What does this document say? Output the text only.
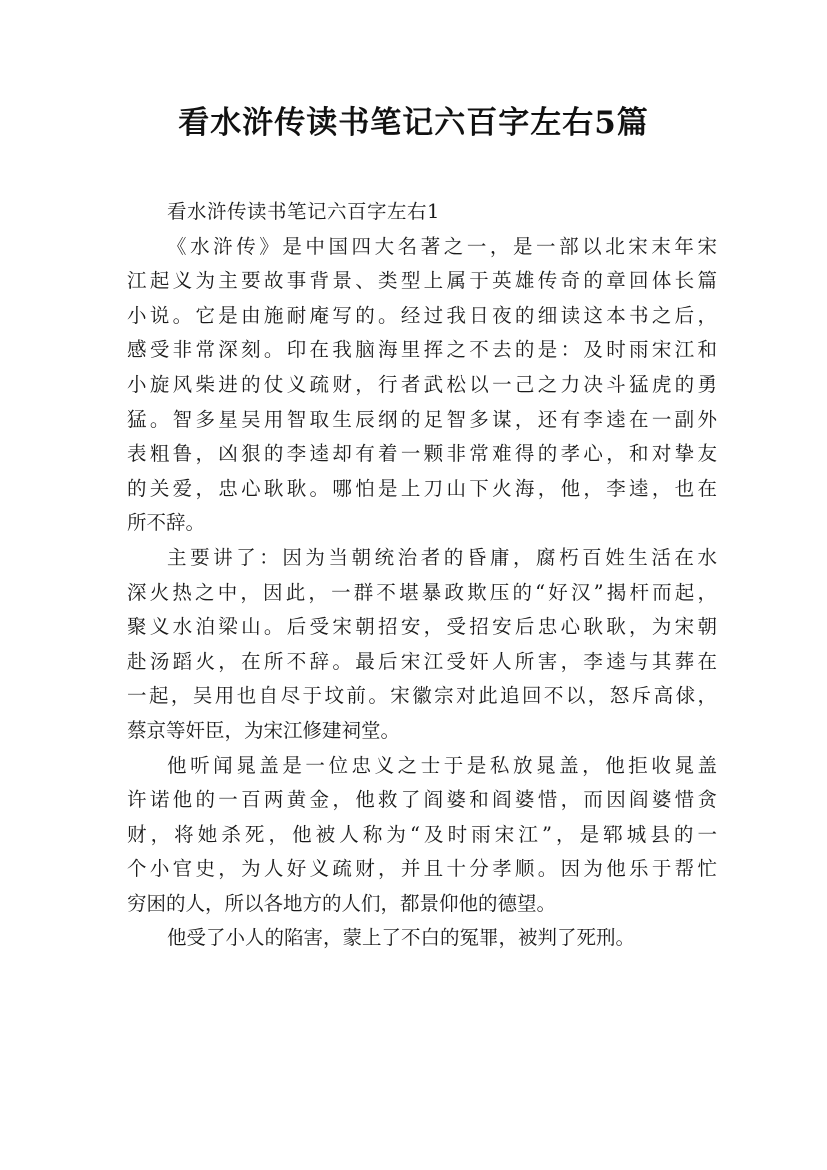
看水浒传读书笔记六百字左右5篇

看水浒传读书笔记六百字左右1

《水浒传》是中国四大名著之一，是一部以北宋末年宋
江起义为主要故事背景、类型上属于英雄传奇的章回体长篇
小说。它是由施耐庵写的。经过我日夜的细读这本书之后，
感受非常深刻。印在我脑海里挥之不去的是：及时雨宋江和
小旋风柴进的仗义疏财，行者武松以一己之力决斗猛虎的勇
猛。智多星吴用智取生辰纲的足智多谋，还有李逵在一副外
表粗鲁，凶狠的李逵却有着一颗非常难得的孝心，和对挚友
的关爱，忠心耿耿。哪怕是上刀山下火海，他，李逵，也在
所不辞。

主要讲了：因为当朝统治者的昏庸，腐朽百姓生活在水
深火热之中，因此，一群不堪暴政欺压的“好汉”揭杆而起，
聚义水泊梁山。后受宋朝招安，受招安后忠心耿耿，为宋朝
赴汤蹈火，在所不辞。最后宋江受奸人所害，李逵与其葬在
一起，吴用也自尽于坟前。宋徽宗对此追回不以，怒斥高俅，
蔡京等奸臣，为宋江修建祠堂。

他听闻晁盖是一位忠义之士于是私放晁盖，他拒收晁盖
许诺他的一百两黄金，他救了阎婆和阎婆惜，而因阎婆惜贪
财，将她杀死，他被人称为“及时雨宋江”，是郓城县的一
个小官史，为人好义疏财，并且十分孝顺。因为他乐于帮忙
穷困的人，所以各地方的人们，都景仰他的德望。

他受了小人的陷害，蒙上了不白的冤罪，被判了死刑。
